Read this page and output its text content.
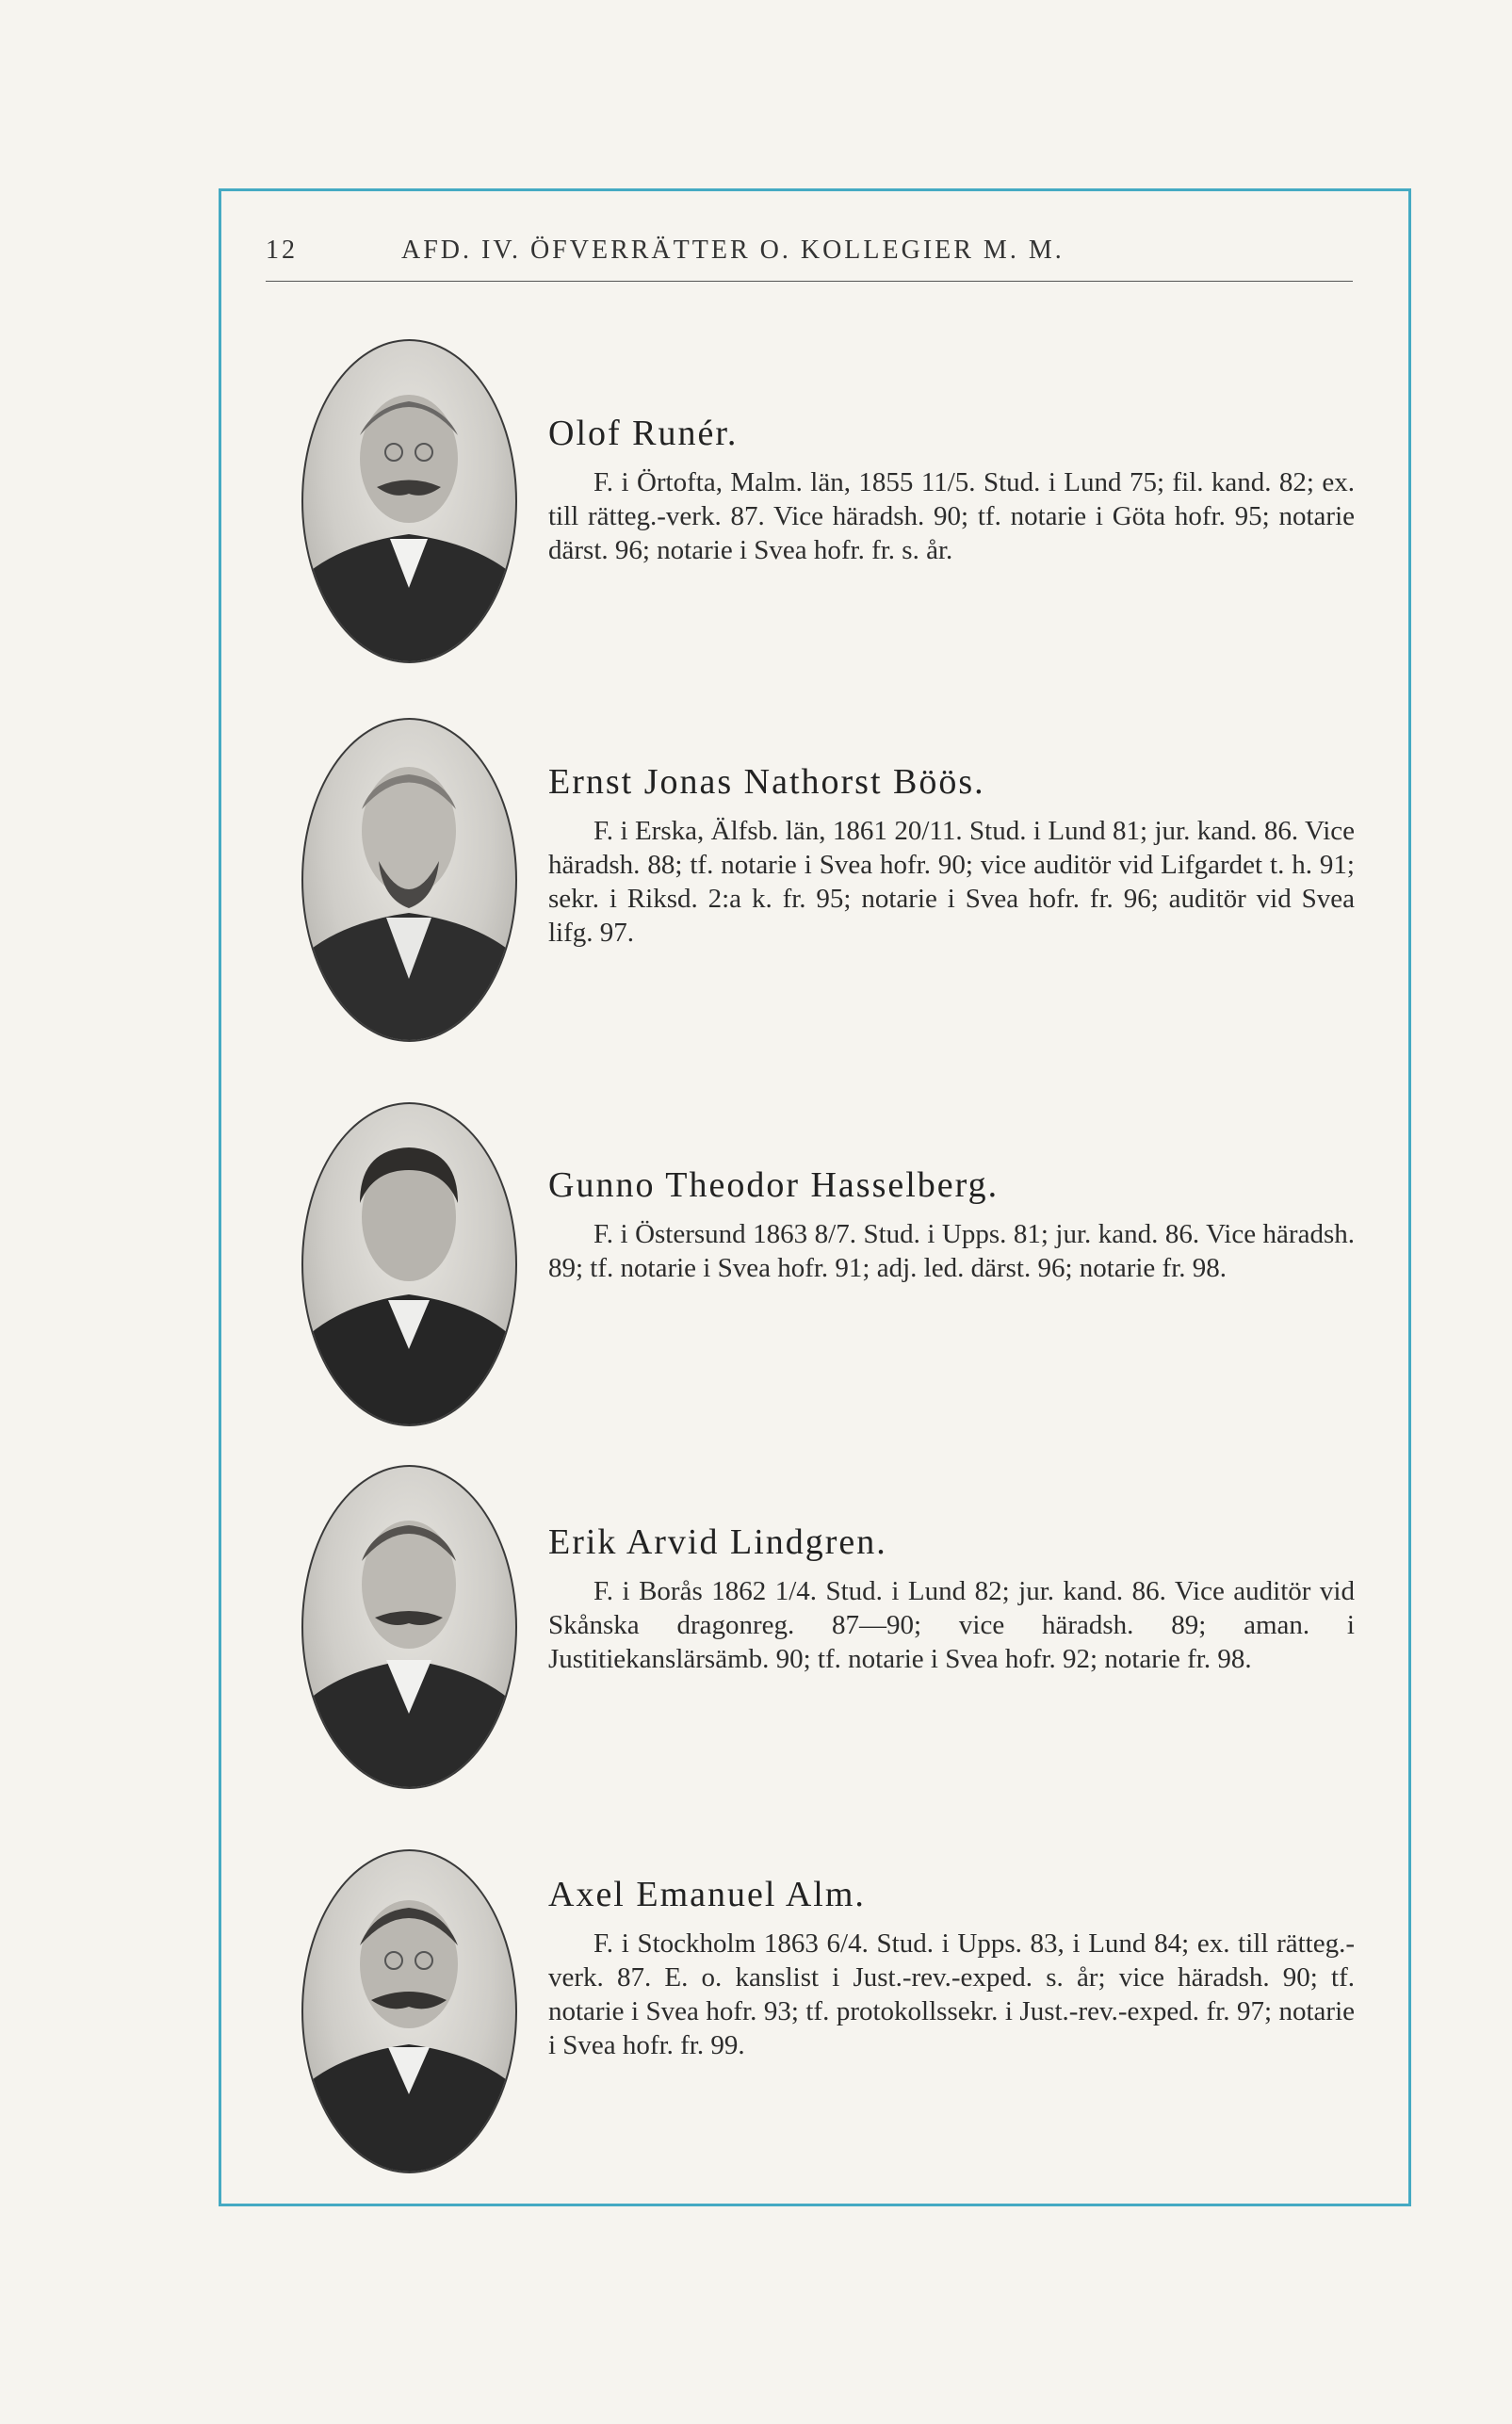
12	AFD. IV. ÖFVERRÄTTER O. KOLLEGIER M. M.
Olof Runér.

F. i Örtofta, Malm. län, 1855 11/5. Stud. i Lund 75; fil. kand. 82; ex. till rätteg.-verk. 87. Vice häradsh. 90; tf. notarie i Göta hofr. 95; notarie därst. 96; notarie i Svea hofr. fr. s. år.

Ernst Jonas Nathorst Böös.

F. i Erska, Älfsb. län, 1861 20/11. Stud. i Lund 81; jur. kand. 86. Vice häradsh. 88; tf. notarie i Svea hofr. 90; vice auditör vid Lifgardet t. h. 91; sekr. i Riksd. 2:a k. fr. 95; notarie i Svea hofr. fr. 96; auditör vid Svea lifg. 97.

Gunno Theodor Hasselberg.

F. i Östersund 1863 8/7. Stud. i Upps. 81; jur. kand. 86. Vice häradsh. 89; tf. notarie i Svea hofr. 91; adj. led. därst. 96; notarie fr. 98.

Erik Arvid Lindgren.

F. i Borås 1862 1/4. Stud. i Lund 82; jur. kand. 86. Vice auditör vid Skånska dragonreg. 87—90; vice häradsh. 89; aman. i Justitiekanslärsämb. 90; tf. notarie i Svea hofr. 92; notarie fr. 98.

Axel Emanuel Alm.

F. i Stockholm 1863 6/4. Stud. i Upps. 83, i Lund 84; ex. till rätteg.-verk. 87. E. o. kanslist i Just.-rev.-exped. s. år; vice häradsh. 90; tf. notarie i Svea hofr. 93; tf. protokollssekr. i Just.-rev.-exped. fr. 97; notarie i Svea hofr. fr. 99.
